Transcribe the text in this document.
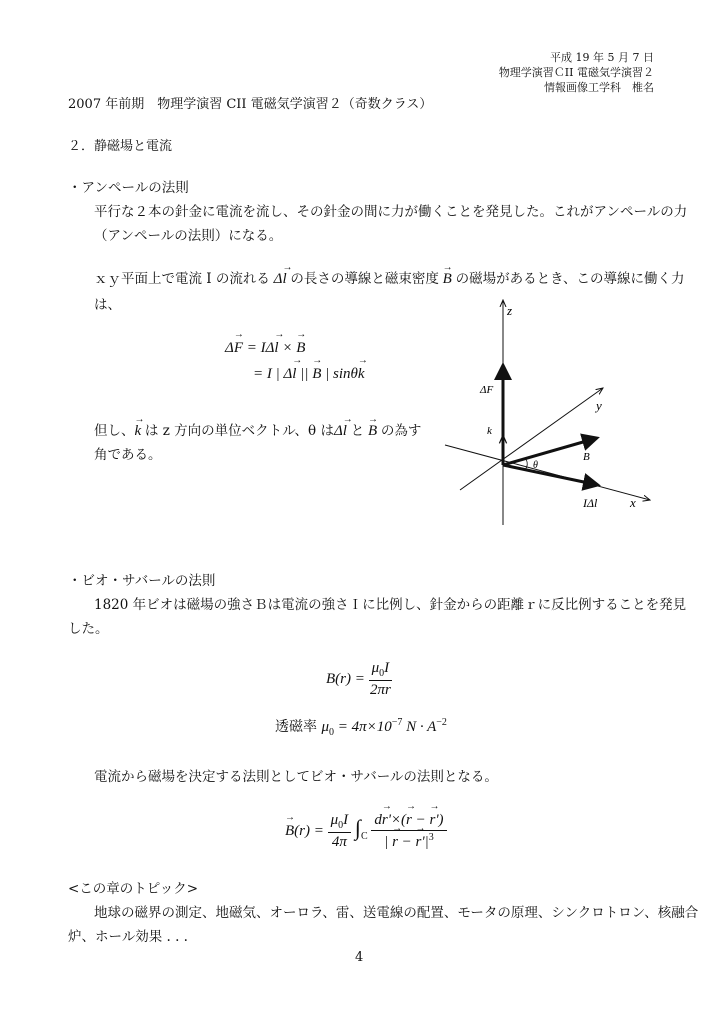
平成 19 年 5 月 7 日
物理学演習ＣII 電磁気学演習２
情報画像工学科　椎名
2007 年前期　物理学演習 CII 電磁気学演習２（奇数クラス）
２．静磁場と電流
・アンペールの法則
平行な２本の針金に電流を流し、その針金の間に力が働くことを発見した。これがアンペールの力
（アンペールの法則）になる。
ｘｙ平面上で電流 I の流れる Δ→ l の長さの導線と磁束密度 → B の磁場があるとき、この導線に働く力
は、
Δ→ F = IΔ→ l × → B
= I | Δ→ l || → B | sinθ→ k
但し、→ k は z 方向の単位ベクトル、θ はΔ→ l と → B の為す
角である。
z
y
x
ΔF
k
B
θ
IΔl
・ビオ・サバールの法則
1820 年ビオは磁場の強さＢは電流の強さＩに比例し、針金からの距離ｒに反比例することを発見
した。
$B(r) = \frac{\mu_0I}{2\pi r}$
透磁率 $\mu_0 = 4\pi\times 10^{-7}$ $N \cdot A^{-2}$
電流から磁場を決定する法則としてビオ・サバールの法則となる。
→ $B(r) = \frac{\mu_0I}{4\pi} \int_C \frac{d\to r'\times(\to r - \to r')}{| \to r - \to r'|^3}$
<この章のトピック>
地球の磁界の測定、地磁気、オーロラ、雷、送電線の配置、モータの原理、シンクロトロン、核融合
炉、ホール効果 . . .
4
